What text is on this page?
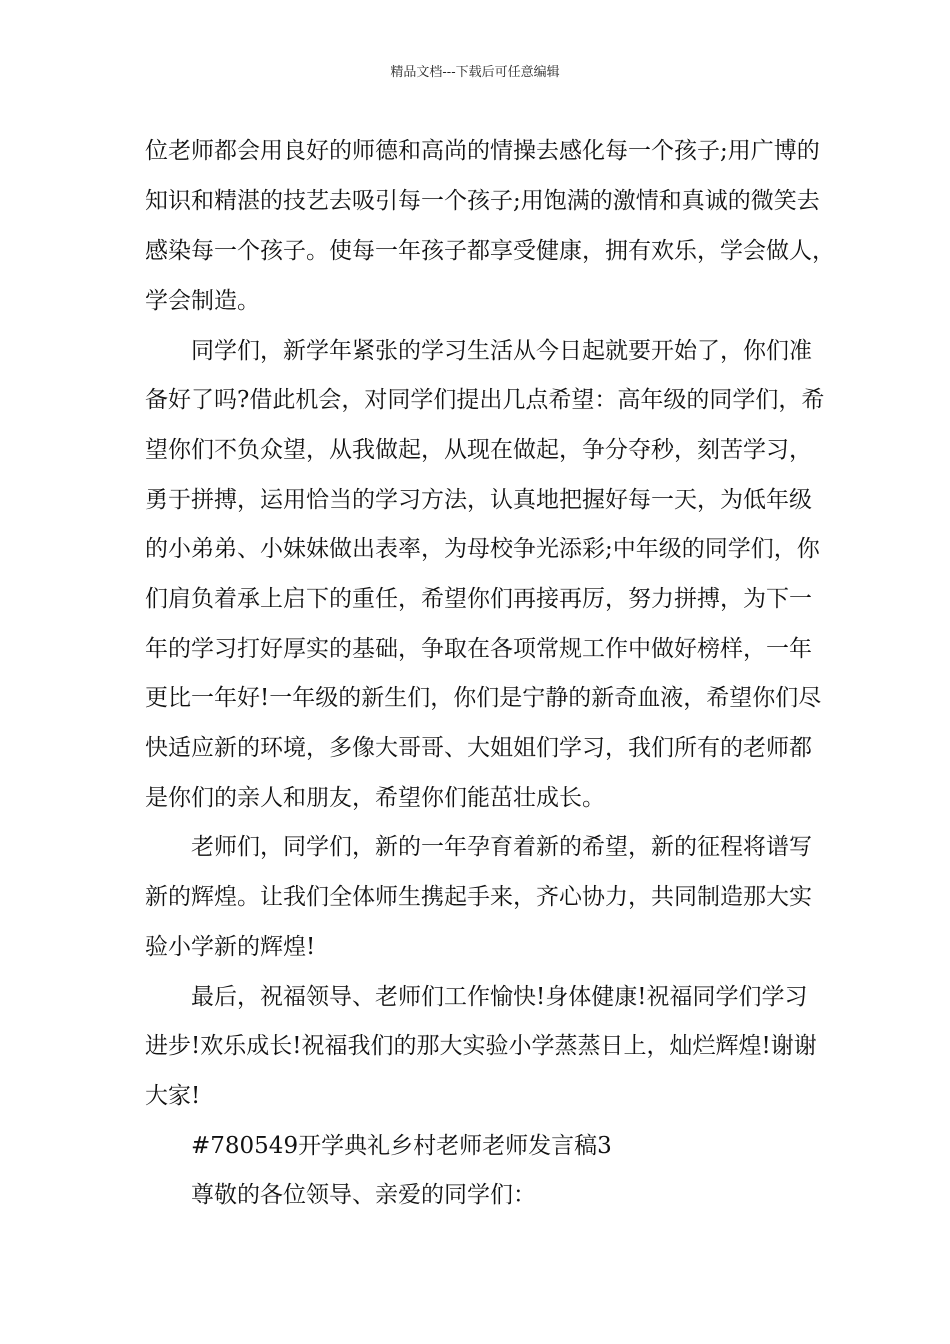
精品文档---下载后可任意编辑
位老师都会用良好的师德和高尚的情操去感化每一个孩子;用广博的
知识和精湛的技艺去吸引每一个孩子;用饱满的激情和真诚的微笑去
感染每一个孩子。使每一年孩子都享受健康，拥有欢乐，学会做人，
学会制造。
同学们，新学年紧张的学习生活从今日起就要开始了，你们准
备好了吗?借此机会，对同学们提出几点希望：高年级的同学们，希
望你们不负众望，从我做起，从现在做起，争分夺秒，刻苦学习，
勇于拼搏，运用恰当的学习方法，认真地把握好每一天，为低年级
的小弟弟、小妹妹做出表率，为母校争光添彩;中年级的同学们，你
们肩负着承上启下的重任，希望你们再接再厉，努力拼搏，为下一
年的学习打好厚实的基础，争取在各项常规工作中做好榜样，一年
更比一年好!一年级的新生们，你们是宁静的新奇血液，希望你们尽
快适应新的环境，多像大哥哥、大姐姐们学习，我们所有的老师都
是你们的亲人和朋友，希望你们能茁壮成长。
老师们，同学们，新的一年孕育着新的希望，新的征程将谱写
新的辉煌。让我们全体师生携起手来，齐心协力，共同制造那大实
验小学新的辉煌!
最后，祝福领导、老师们工作愉快!身体健康!祝福同学们学习
进步!欢乐成长!祝福我们的那大实验小学蒸蒸日上，灿烂辉煌!谢谢
大家!
#780549开学典礼乡村老师老师发言稿3
尊敬的各位领导、亲爱的同学们：
